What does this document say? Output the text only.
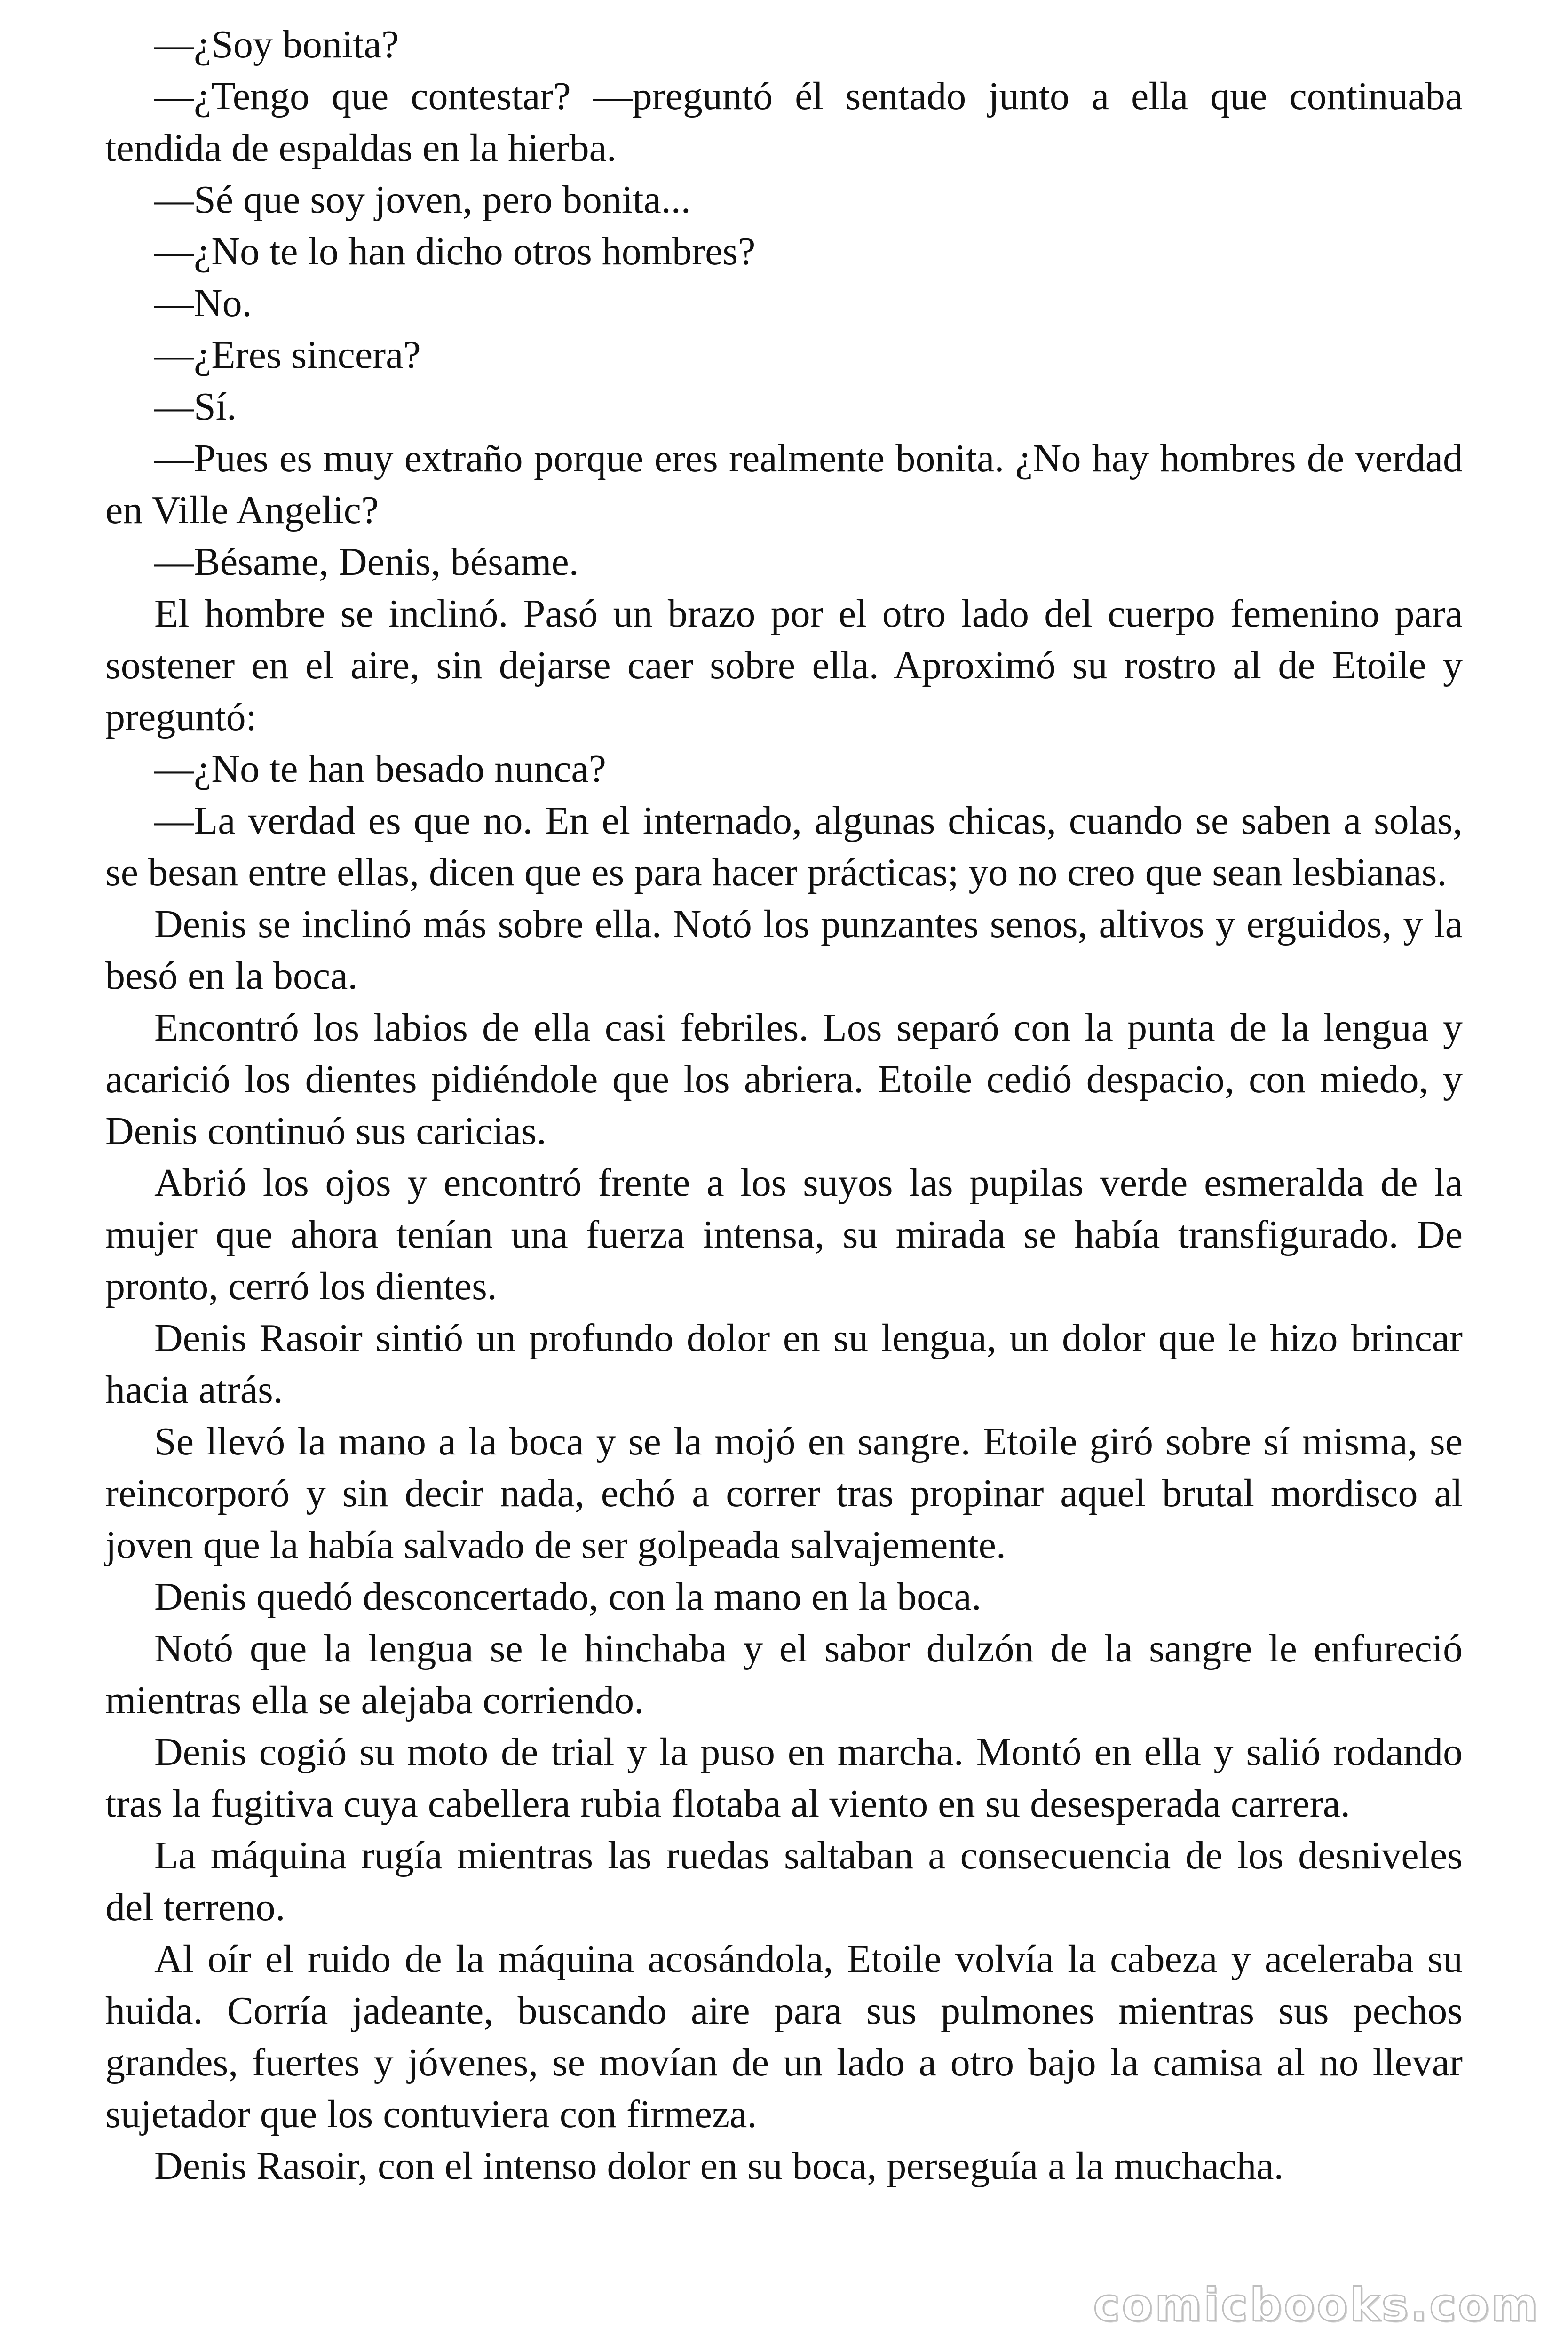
—¿Soy bonita?

—¿Tengo que contestar? —preguntó él sentado junto a ella que continuaba tendida de espaldas en la hierba.

—Sé que soy joven, pero bonita...

—¿No te lo han dicho otros hombres?

—No.

—¿Eres sincera?

—Sí.

—Pues es muy extraño porque eres realmente bonita. ¿No hay hombres de verdad en Ville Angelic?

—Bésame, Denis, bésame.

El hombre se inclinó. Pasó un brazo por el otro lado del cuerpo femenino para sostener en el aire, sin dejarse caer sobre ella. Aproximó su rostro al de Etoile y preguntó:

—¿No te han besado nunca?

—La verdad es que no. En el internado, algunas chicas, cuando se saben a solas, se besan entre ellas, dicen que es para hacer prácticas; yo no creo que sean lesbianas.

Denis se inclinó más sobre ella. Notó los punzantes senos, altivos y erguidos, y la besó en la boca.

Encontró los labios de ella casi febriles. Los separó con la punta de la lengua y acarició los dientes pidiéndole que los abriera. Etoile cedió despacio, con miedo, y Denis continuó sus caricias.

Abrió los ojos y encontró frente a los suyos las pupilas verde esmeralda de la mujer que ahora tenían una fuerza intensa, su mirada se había transfigurado. De pronto, cerró los dientes.

Denis Rasoir sintió un profundo dolor en su lengua, un dolor que le hizo brincar hacia atrás.

Se llevó la mano a la boca y se la mojó en sangre. Etoile giró sobre sí misma, se reincorporó y sin decir nada, echó a correr tras propinar aquel brutal mordisco al joven que la había salvado de ser golpeada salvajemente.

Denis quedó desconcertado, con la mano en la boca.

Notó que la lengua se le hinchaba y el sabor dulzón de la sangre le enfureció mientras ella se alejaba corriendo.

Denis cogió su moto de trial y la puso en marcha. Montó en ella y salió rodando tras la fugitiva cuya cabellera rubia flotaba al viento en su desesperada carrera.

La máquina rugía mientras las ruedas saltaban a consecuencia de los desniveles del terreno.

Al oír el ruido de la máquina acosándola, Etoile volvía la cabeza y aceleraba su huida. Corría jadeante, buscando aire para sus pulmones mientras sus pechos grandes, fuertes y jóvenes, se movían de un lado a otro bajo la camisa al no llevar sujetador que los contuviera con firmeza.

Denis Rasoir, con el intenso dolor en su boca, perseguía a la muchacha.

comicbooks.com
